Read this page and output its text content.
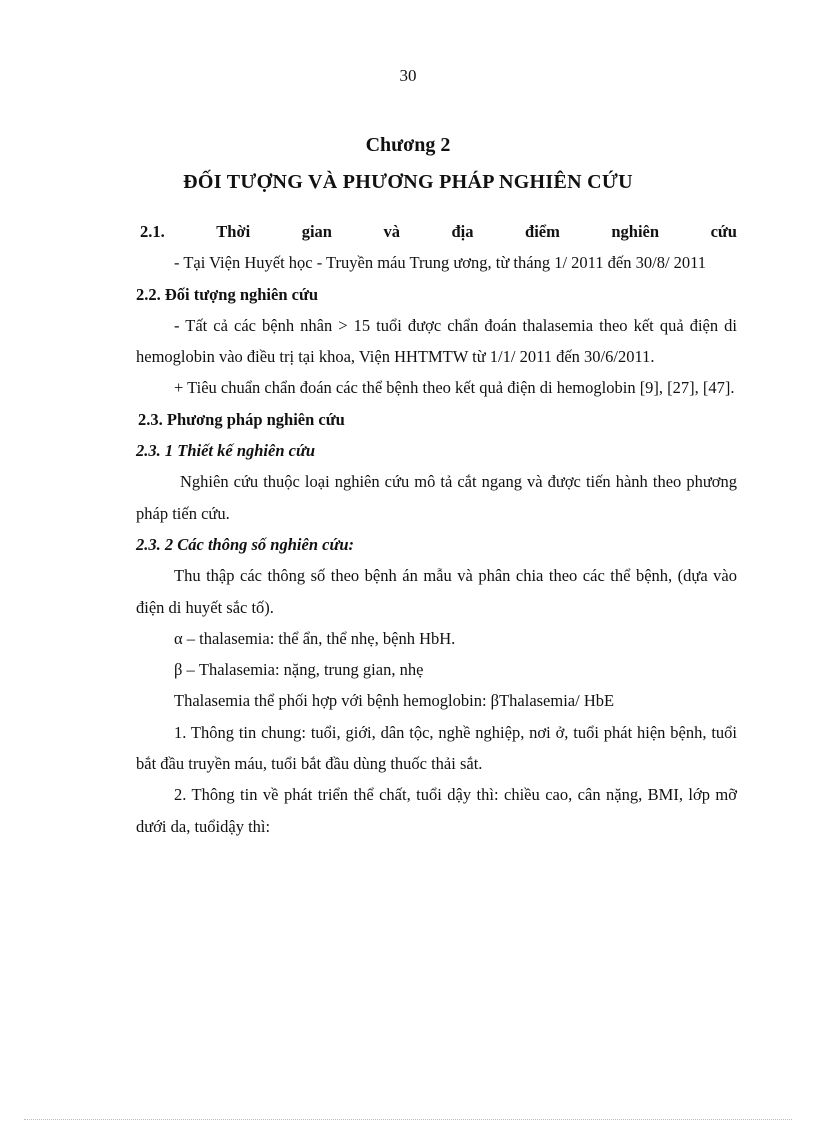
30
Chương 2
ĐỐI TƯỢNG VÀ PHƯƠNG PHÁP NGHIÊN CỨU
2.1.	Thời	gian	và	địa	điểm	nghiên	cứu

- Tại Viện Huyết học - Truyền máu Trung ương, từ tháng 1/ 2011 đến 30/8/ 2011

2.2. Đối tượng nghiên cứu

- Tất cả các bệnh nhân > 15 tuổi được chẩn đoán thalasemia theo kết quả điện di hemoglobin vào điều trị tại khoa, Viện HHTMTW từ 1/1/ 2011 đến 30/6/2011.

+ Tiêu chuẩn chẩn đoán các thể bệnh theo kết quả điện di hemoglobin [9], [27], [47].

2.3. Phương pháp nghiên cứu

2.3. 1 Thiết kế nghiên cứu

Nghiên cứu thuộc loại nghiên cứu mô tả cắt ngang và được tiến hành theo phương pháp tiến cứu.

2.3. 2 Các thông số nghiên cứu:

Thu thập các thông số theo bệnh án mẫu và phân chia theo các thể bệnh, (dựa vào điện di huyết sắc tố).

α – thalasemia: thể ẩn, thể nhẹ, bệnh HbH.

β – Thalasemia: nặng, trung gian, nhẹ

Thalasemia thể phối hợp với bệnh hemoglobin: βThalasemia/ HbE

1. Thông tin chung: tuổi, giới, dân tộc, nghề nghiệp, nơi ở, tuổi phát hiện bệnh, tuổi bắt đầu truyền máu, tuổi bắt đầu dùng thuốc thải sắt.

2. Thông tin về phát triển thể chất, tuổi dậy thì: chiều cao, cân nặng, BMI, lớp mỡ dưới da, tuổidậy thì:
